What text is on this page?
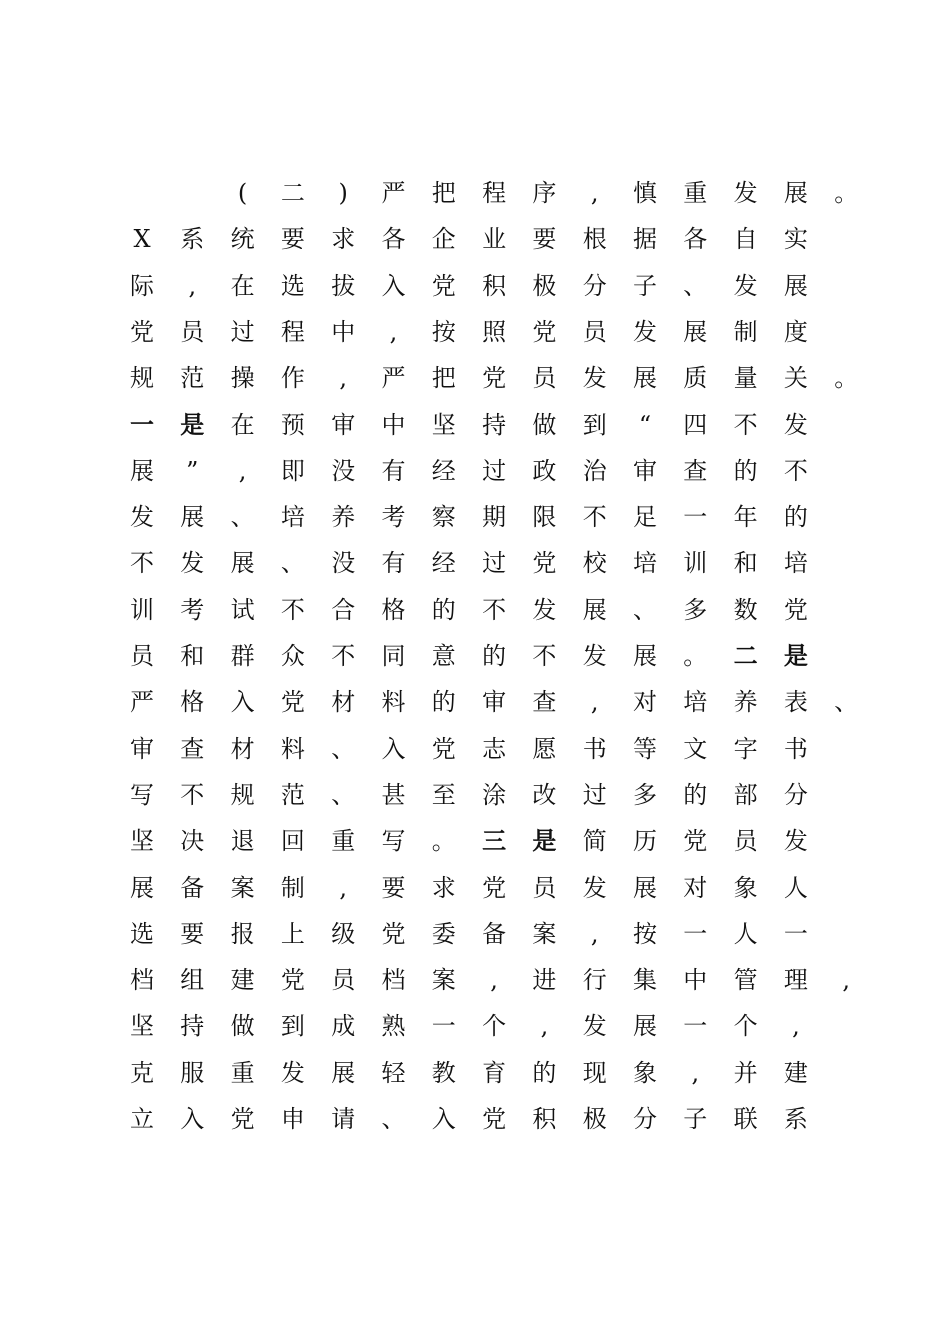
(	二	)	严 把 程 序	,	慎 重 发 展 。
X 系 统 要 求 各 企 业 要 根 据 各 自 实
际	,	在 选 拔 入 党 积 极 分 子 、 发 展
党 员 过 程 中	,	按 照 党 员 发 展 制 度
规 范 操 作	,	严 把 党 员 发 展 质 量 关 。
一 是 在 预 审 中 坚 持 做 到	“	四 不 发
展	”	,	即 没 有 经 过 政 治 审 查 的 不
发 展 、 培 养 考 察 期 限 不 足 一 年 的
不 发 展 、 没 有 经 过 党 校 培 训 和 培
训 考 试 不 合 格 的 不 发 展 、 多 数 党
员 和 群 众 不 同 意 的 不 发 展 。 二 是
严 格 入 党 材 料 的 审 查	,	对 培 养 表 、
审 查 材 料 、 入 党 志 愿 书 等 文 字 书
写 不 规 范 、 甚 至 涂 改 过 多 的 部 分
坚 决 退 回 重 写 。 三 是 简 历 党 员 发
展 备 案 制	,	要 求 党 员 发 展 对 象 人
选 要 报 上 级 党 委 备 案	,	按 一 人 一
档 组 建 党 员 档 案	,	进 行 集 中 管 理	,
坚 持 做 到 成 熟 一 个	,	发 展 一 个	,
克 服 重 发 展 轻 教 育 的 现 象	,	并 建
立 入 党 申 请 、 入 党 积 极 分 子 联 系
